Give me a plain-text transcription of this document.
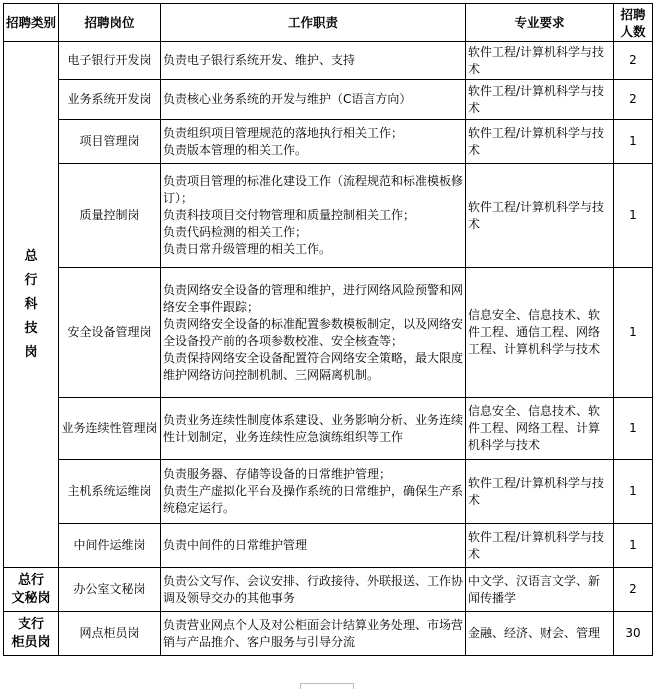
招聘类别	招聘岗位	工作职责	专业要求	招聘人数
总
行
科
技
岗	电子银行开发岗	负责电子银行系统开发、维护、支持	软件工程/计算机科学与技术	2
	业务系统开发岗	负责核心业务系统的开发与维护（C语言方向）	软件工程/计算机科学与技术	2
	项目管理岗	负责组织项目管理规范的落地执行相关工作；
负责版本管理的相关工作。	软件工程/计算机科学与技术	1
	质量控制岗	负责项目管理的标准化建设工作（流程规范和标准模板修订）；
负责科技项目交付物管理和质量控制相关工作；
负责代码检测的相关工作；
负责日常升级管理的相关工作。	软件工程/计算机科学与技术	1
	安全设备管理岗	负责网络安全设备的管理和维护，进行网络风险预警和网络安全事件跟踪；
负责网络安全设备的标准配置参数模板制定，以及网络安全设备投产前的各项参数校准、安全核查等；
负责保持网络安全设备配置符合网络安全策略，最大限度维护网络访问控制机制、三网隔离机制。	信息安全、信息技术、软件工程、通信工程、网络工程、计算机科学与技术	1
	业务连续性管理岗	负责业务连续性制度体系建设、业务影响分析、业务连续性计划制定，业务连续性应急演练组织等工作	信息安全、信息技术、软件工程、网络工程、计算机科学与技术	1
	主机系统运维岗	负责服务器、存储等设备的日常维护管理；
负责生产虚拟化平台及操作系统的日常维护，确保生产系统稳定运行。	软件工程/计算机科学与技术	1
	中间件运维岗	负责中间件的日常维护管理	软件工程/计算机科学与技术	1
总行
文秘岗	办公室文秘岗	负责公文写作、会议安排、行政接待、外联报送、工作协调及领导交办的其他事务	中文学、汉语言文学、新闻传播学	2
支行
柜员岗	网点柜员岗	负责营业网点个人及对公柜面会计结算业务处理、市场营销与产品推介、客户服务与引导分流	金融、经济、财会、管理	30
